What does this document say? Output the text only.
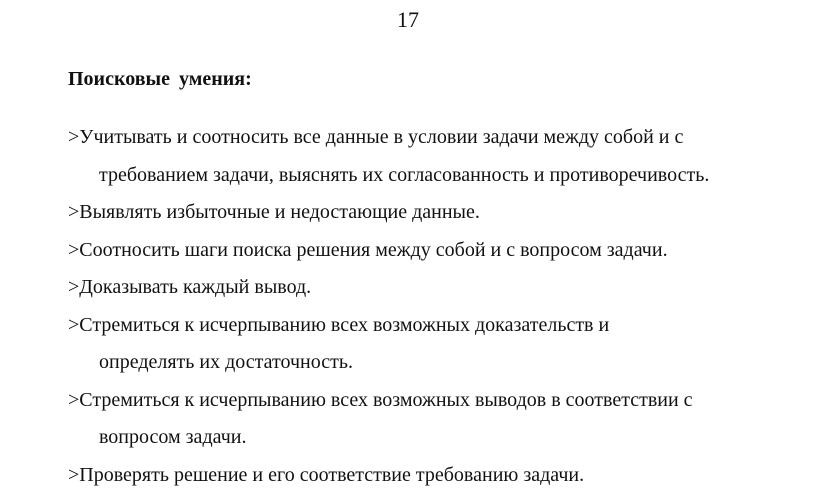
17
Поисковые умения:
>Учитывать и соотносить все данные в условии задачи между собой и с
требованием задачи, выяснять их согласованность и противоречивость.
>Выявлять избыточные и недостающие данные.
>Соотносить шаги поиска решения между собой и с вопросом задачи.
>Доказывать каждый вывод.
>Стремиться к исчерпыванию всех возможных доказательств и
определять их достаточность.
>Стремиться к исчерпыванию всех возможных выводов в соответствии с
вопросом задачи.
>Проверять решение и его соответствие требованию задачи.
